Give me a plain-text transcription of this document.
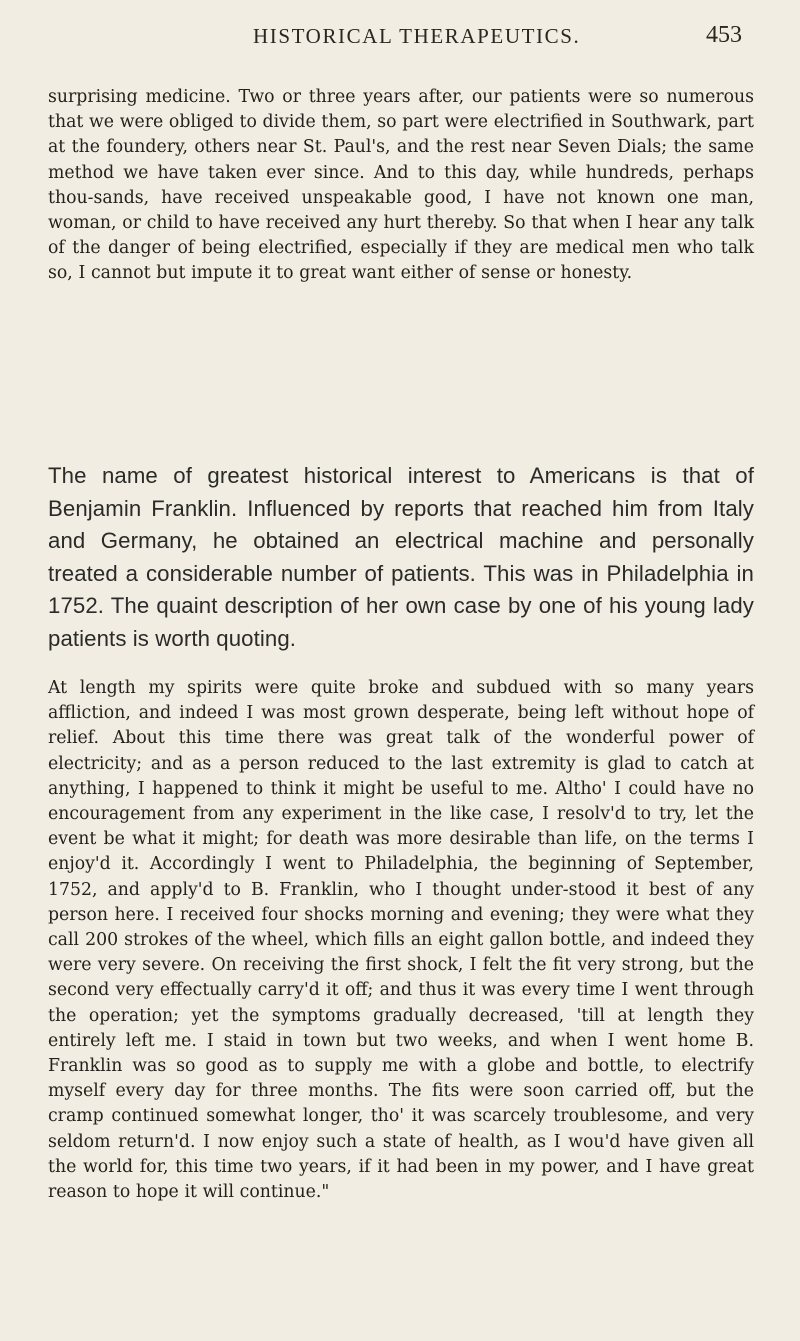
HISTORICAL THERAPEUTICS.	453

surprising medicine. Two or three years after, our patients were so numerous that we were obliged to divide them, so part were electrified in Southwark, part at the foundery, others near St. Paul's, and the rest near Seven Dials; the same method we have taken ever since. And to this day, while hundreds, perhaps thou-sands, have received unspeakable good, I have not known one man, woman, or child to have received any hurt thereby. So that when I hear any talk of the danger of being electrified, especially if they are medical men who talk so, I cannot but impute it to great want either of sense or honesty.

The name of greatest historical interest to Americans is that of Benjamin Franklin. Influenced by reports that reached him from Italy and Germany, he obtained an electrical machine and personally treated a considerable number of patients. This was in Philadelphia in 1752. The quaint description of her own case by one of his young lady patients is worth quoting.

At length my spirits were quite broke and subdued with so many years affliction, and indeed I was most grown desperate, being left without hope of relief. About this time there was great talk of the wonderful power of electricity; and as a person reduced to the last extremity is glad to catch at anything, I happened to think it might be useful to me. Altho' I could have no encouragement from any experiment in the like case, I resolv'd to try, let the event be what it might; for death was more desirable than life, on the terms I enjoy'd it. Accordingly I went to Philadelphia, the beginning of September, 1752, and apply'd to B. Franklin, who I thought under-stood it best of any person here. I received four shocks morning and evening; they were what they call 200 strokes of the wheel, which fills an eight gallon bottle, and indeed they were very severe. On receiving the first shock, I felt the fit very strong, but the second very effectually carry'd it off; and thus it was every time I went through the operation; yet the symptoms gradually decreased, 'till at length they entirely left me. I staid in town but two weeks, and when I went home B. Franklin was so good as to supply me with a globe and bottle, to electrify myself every day for three months. The fits were soon carried off, but the cramp continued somewhat longer, tho' it was scarcely troublesome, and very seldom return'd. I now enjoy such a state of health, as I wou'd have given all the world for, this time two years, if it had been in my power, and I have great reason to hope it will continue."
